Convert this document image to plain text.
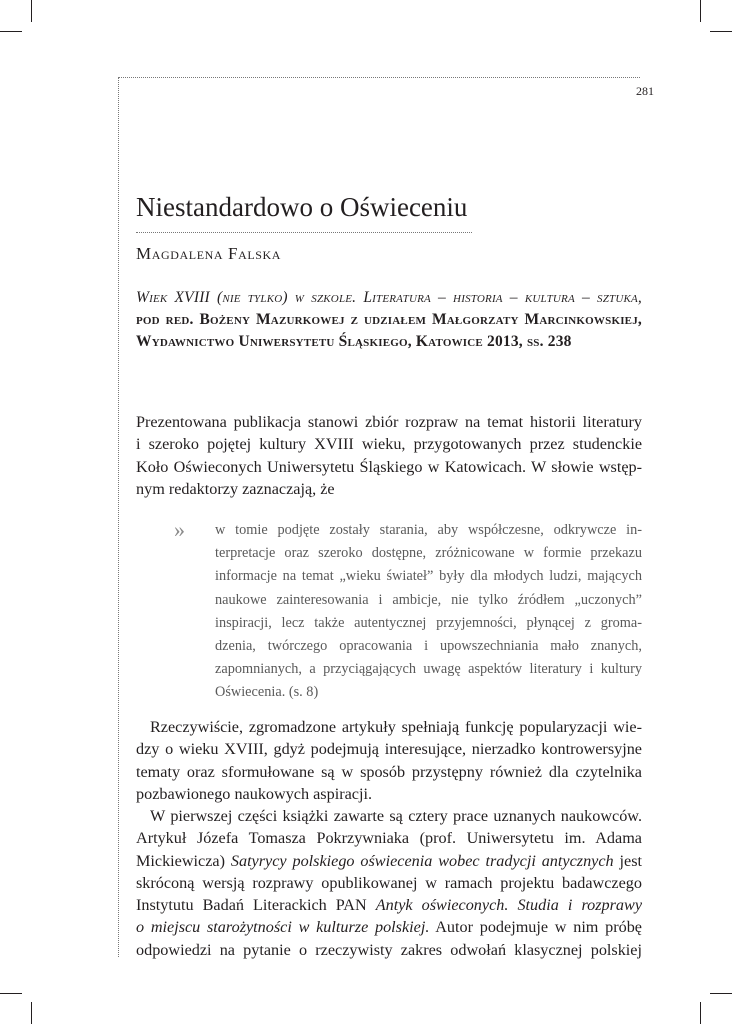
281
Niestandardowo o Oświeceniu
Magdalena Falska
Wiek XVIII (nie tylko) w szkole. Literatura – historia – kultura – sztuka,
pod red. Bożeny Mazurkowej z udziałem Małgorzaty Marcinkowskiej,
Wydawnictwo Uniwersytetu Śląskiego, Katowice 2013, ss. 238
Prezentowana publikacja stanowi zbiór rozpraw na temat historii literatury
i szeroko pojętej kultury XVIII wieku, przygotowanych przez studenckie
Koło Oświeconych Uniwersytetu Śląskiego w Katowicach. W słowie wstęp-
nym redaktorzy zaznaczają, że
» w tomie podjęte zostały starania, aby współczesne, odkrywcze in-
terpretacje oraz szeroko dostępne, zróżnicowane w formie przekazu
informacje na temat „wieku świateł” były dla młodych ludzi, mających
naukowe zainteresowania i ambicje, nie tylko źródłem „uczonych”
inspiracji, lecz także autentycznej przyjemności, płynącej z groma-
dzenia, twórczego opracowania i upowszechniania mało znanych,
zapomnianych, a przyciągających uwagę aspektów literatury i kultury
Oświecenia. (s. 8)
Rzeczywiście, zgromadzone artykuły spełniają funkcję popularyzacji wie-
dzy o wieku XVIII, gdyż podejmują interesujące, nierzadko kontrowersyjne
tematy oraz sformułowane są w sposób przystępny również dla czytelnika
pozbawionego naukowych aspiracji.
W pierwszej części książki zawarte są cztery prace uznanych naukowców.
Artykuł Józefa Tomasza Pokrzywniaka (prof. Uniwersytetu im. Adama
Mickiewicza) Satyrycy polskiego oświecenia wobec tradycji antycznych jest
skróconą wersją rozprawy opublikowanej w ramach projektu badawczego
Instytutu Badań Literackich PAN Antyk oświeconych. Studia i rozprawy
o miejscu starożytności w kulturze polskiej. Autor podejmuje w nim próbę
odpowiedzi na pytanie o rzeczywisty zakres odwołań klasycznej polskiej
